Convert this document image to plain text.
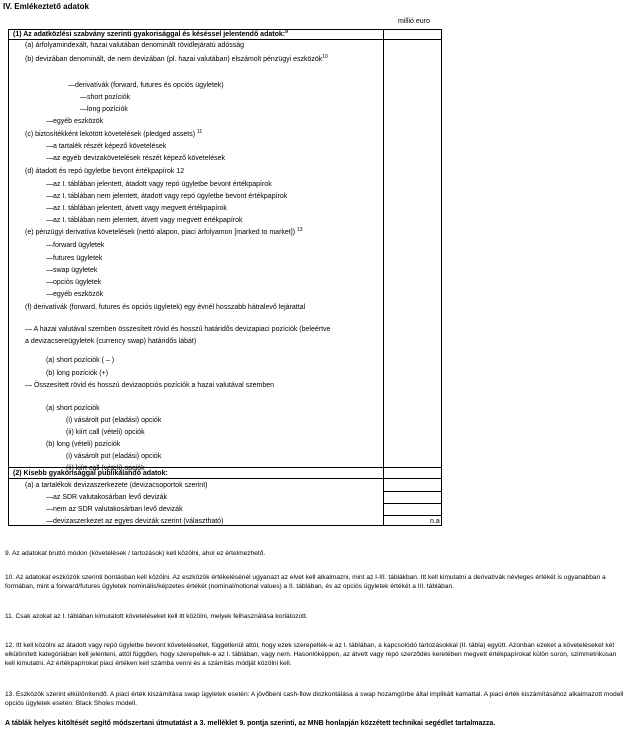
IV. Emlékeztető adatok
millió euro
(1) Az adatközlési szabvány szerinti gyakorisággal és késéssel jelentendő adatok:$^9$
(a) árfolyamindexált, hazai valutában denominált rövidlejáratú adósság
(b) devizában denominált, de nem devizában (pl. hazai valutában) elszámolt pénzügyi eszközök$^{10}$
—derivatívák (forward, futures és opciós ügyletek)
—short pozíciók
—long pozíciók
—egyéb eszközök
(c) biztosítékként lekötött követelések (pledged assets) $^{11}$
—a tartalék részét képező követelések
—az egyéb devizakövetelések részét képező követelések
(d) átadott és repó ügyletbe bevont értékpapírok 12
—az I. táblában jelentett, átadott vagy repó ügyletbe bevont értékpapírok
—az I. táblában nem jelentett, átadott vagy repó ügyletbe bevont értékpapírok
—az I. táblában jelentett, átvett vagy megvett értékpapírok
—az I. táblában nem jelentett, átvett vagy megvett értékpapírok
(e) pénzügyi derivatíva követelések (nettó alapon, piaci árfolyamon [marked to market]) $^{13}$
—forward ügyletek
—futures ügyletek
—swap ügyletek
—opciós ügyletek
—egyéb eszközök
(f) derivatívák (forward, futures és opciós ügyletek) egy évnél hosszabb hátralevő lejárattal
— A hazai valutával szemben összesített rövid és hosszú határidős devizapiaci pozíciók (beleértve
a devizacsereügyletek (currency swap) határidős lábát)
(a) short pozíciók ( – )
(b) long pozíciók (+)
— Összesített rövid és hosszú devizaopciós pozíciók a hazai valutával szemben
(a) short pozíciók
(i) vásárolt put (eladási) opciók
(ii) kiírt call (vételi) opciók
(b) long (vételi) pozíciók
(i) vásárolt put (eladási) opciók
(ii) kiírt call (vételi) opciók
(2) Kisebb gyakorisággal publikálandó adatok:
(a) a tartalékok devizaszerkezete (devizacsoportok szerint)
—az SDR valutakosárban levő devizák
—nem az SDR valutakosárban levő devizák
—devizaszerkezet az egyes devizák szerint (választható)	n.a
9. Az adatokat bruttó módon (követelések / tartozások) kell közölni, ahol ez értelmezhető.
10. Az adatokat eszközök szerinti bontásban kell közölni. Az eszközök értékelésénél ugyanazt az elvet kell alkalmazni, mint az I-III. táblákban. Itt kell kimutatni a derivatívák névleges értékét is ugyanabban a formában, mint a forward/futures ügyletek nominális/képzetes értékét (nominal/notional values) a II. táblában, és az opciós ügyletek értékét a III. táblában.
11. Csak azokat az I. táblában kimutatott követeléseket kell itt közölni, melyek felhasználása korlátozott.
12. Itt kell közölni az átadott vagy repó ügyletbe bevont követeléseket, függetlenül attól, hogy ezek szerepeltek-e az I. táblában, a kapcsolódó tartozásokkal (II. tábla) együtt. Azonban ezeket a követeléseket két elkülönített kategóriában kell jelenteni, attól függően, hogy szerepeltek-e az I. táblában, vagy nem. Hasonlóképpen, az átvett vagy repó szerződés keretében megvett értékpapírokat külön soron, szimmetrikusan kell kimutatni. Az értékpapírokat piaci értéken kell számba venni és a számítás módját közölni kell.
13. Eszközök szerint elkülönítendő. A piaci érték kiszámítása swap ügyletek esetén: A jövőbeni cash-flow diszkontálása a swap hozamgörbe által implikált kamattal. A piaci érték kiszámításához alkalmazott modell opciós ügyletek esetén: Black Sholes modell.
A táblák helyes kitöltését segítő módszertani útmutatást a 3. melléklet 9. pontja szerinti, az MNB honlapján közzétett technikai segédlet tartalmazza.
